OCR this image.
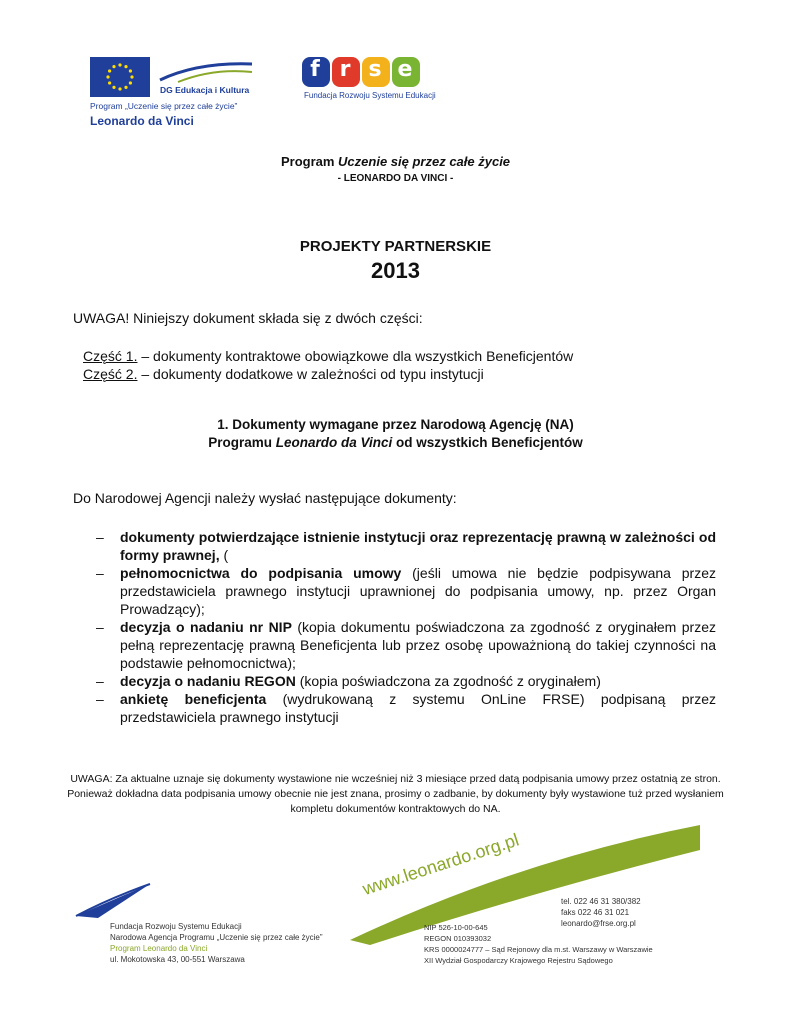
DG Edukacja i Kultura
Program „Uczenie się przez całe życie”
Leonardo da Vinci
f r s e
Fundacja Rozwoju Systemu Edukacji
Program Uczenie się przez całe życie
- LEONARDO DA VINCI -
PROJEKTY PARTNERSKIE
2013
UWAGA! Niniejszy dokument składa się z dwóch części:
Część 1. – dokumenty kontraktowe obowiązkowe dla wszystkich Beneficjentów
Część 2. – dokumenty dodatkowe w zależności od typu instytucji
1. Dokumenty wymagane przez Narodową Agencję (NA)
Programu Leonardo da Vinci od wszystkich Beneficjentów
Do Narodowej Agencji należy wysłać następujące dokumenty:
–	dokumenty potwierdzające istnienie instytucji oraz reprezentację prawną w zależności od formy prawnej, (
–	pełnomocnictwa do podpisania umowy (jeśli umowa nie będzie podpisywana przez przedstawiciela prawnego instytucji uprawnionej do podpisania umowy, np. przez Organ Prowadzący);
–	decyzja o nadaniu nr NIP (kopia dokumentu poświadczona za zgodność z oryginałem przez pełną reprezentację prawną Beneficjenta lub przez osobę upoważnioną do takiej czynności na podstawie pełnomocnictwa);
–	decyzja o nadaniu REGON (kopia poświadczona za zgodność z oryginałem)
–	ankietę beneficjenta (wydrukowaną z systemu OnLine FRSE) podpisaną przez przedstawiciela prawnego instytucji
UWAGA: Za aktualne uznaje się dokumenty wystawione nie wcześniej niż 3 miesiące przed datą podpisania umowy przez ostatnią ze stron. Ponieważ dokładna data podpisania umowy obecnie nie jest znana, prosimy o zadbanie, by dokumenty były wystawione tuż przed wysłaniem kompletu dokumentów kontraktowych do NA.
www.leonardo.org.pl
Fundacja Rozwoju Systemu Edukacji
Narodowa Agencja Programu „Uczenie się przez całe życie”
Program Leonardo da Vinci
ul. Mokotowska 43, 00-551 Warszawa
NIP 526-10-00-645
REGON 010393032
KRS 0000024777 – Sąd Rejonowy dla m.st. Warszawy w Warszawie
XII Wydział Gospodarczy Krajowego Rejestru Sądowego
tel. 022 46 31 380/382
faks 022 46 31 021
leonardo@frse.org.pl
